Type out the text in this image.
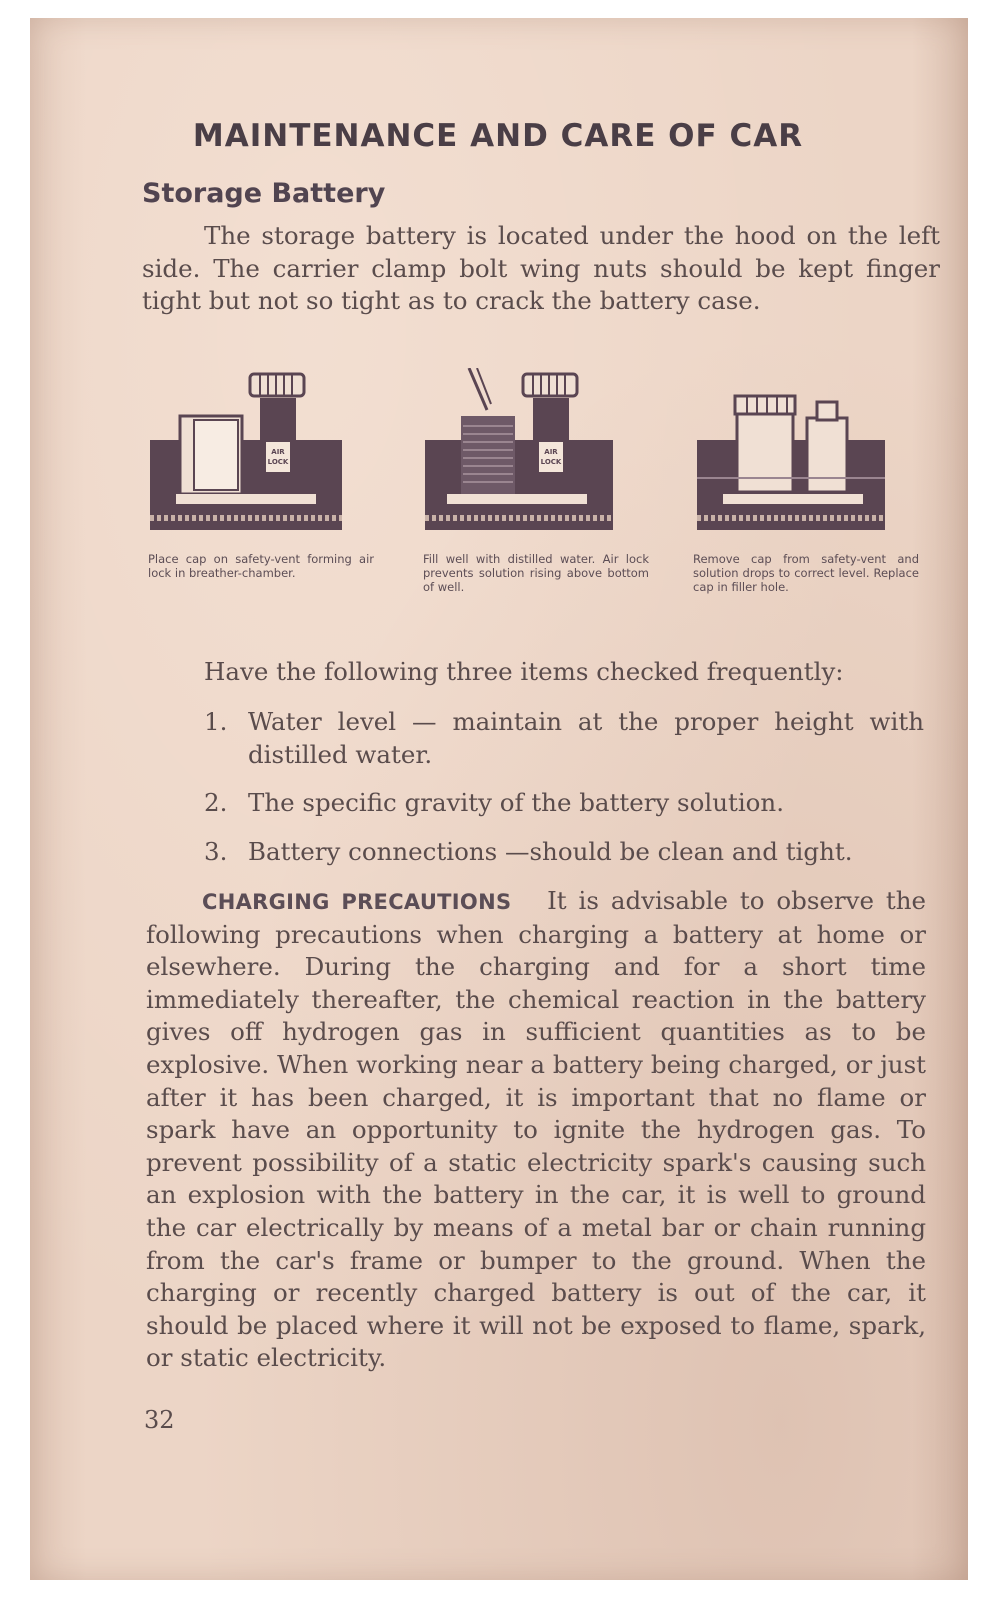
MAINTENANCE AND CARE OF CAR
Storage Battery
The storage battery is located under the hood on the left side. The carrier clamp bolt wing nuts should be kept finger tight but not so tight as to crack the battery case.
AIR
LOCK
Place cap on safety-vent forming air lock in breather-chamber.
AIR
LOCK
Fill well with distilled water. Air lock prevents solution rising above bottom of well.
Remove cap from safety-vent and solution drops to correct level. Replace cap in filler hole.
Have the following three items checked frequently:
1. Water level — maintain at the proper height with distilled water.
2. The specific gravity of the battery solution.
3. Battery connections —should be clean and tight.
CHARGING PRECAUTIONS It is advisable to observe the following precautions when charging a battery at home or elsewhere. During the charging and for a short time immediately thereafter, the chemical reaction in the battery gives off hydrogen gas in sufficient quantities as to be explosive. When working near a battery being charged, or just after it has been charged, it is important that no flame or spark have an opportunity to ignite the hydrogen gas. To prevent possibility of a static electricity spark's causing such an explosion with the battery in the car, it is well to ground the car electrically by means of a metal bar or chain running from the car's frame or bumper to the ground. When the charging or recently charged battery is out of the car, it should be placed where it will not be exposed to flame, spark, or static electricity.
32
